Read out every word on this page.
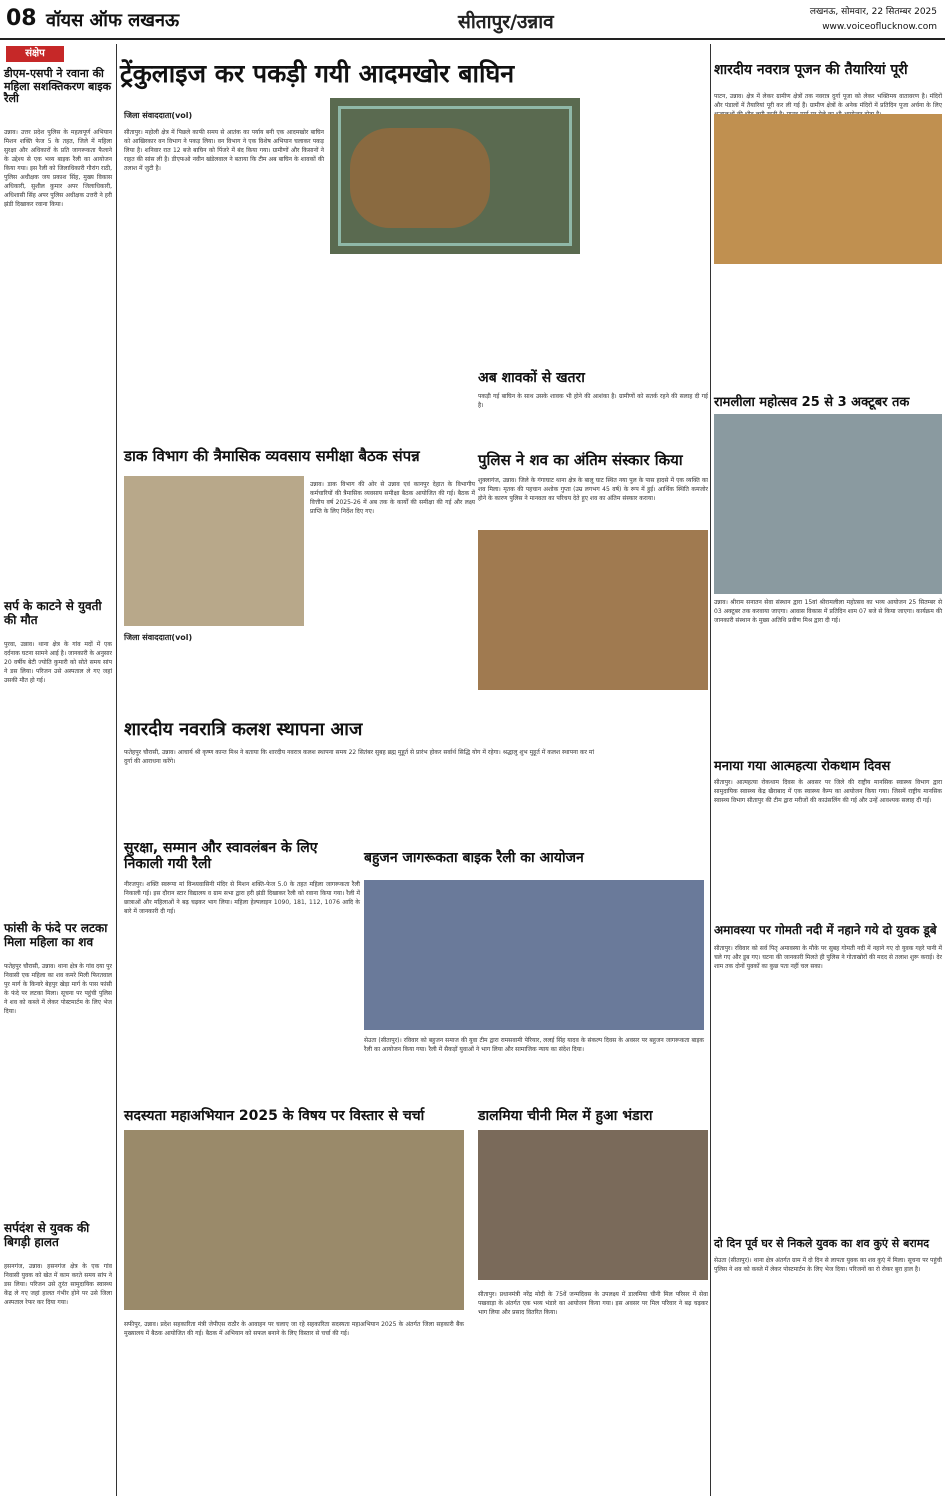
08 वॉयस ऑफ लखनऊ	सीतापुर/उन्नाव	लखनऊ, सोमवार, 22 सितम्बर 2025
www.voiceoflucknow.com
संक्षेप
डीएम-एसपी ने रवाना की महिला सशक्तिकरण बाइक रैली
उन्नाव। उत्तर प्रदेश पुलिस के महत्वपूर्ण अभियान मिशन शक्ति फेज 5 के तहत, जिले में महिला सुरक्षा और अधिकारों के प्रति जागरूकता फैलाने के उद्देश्य से एक भव्य बाइक रैली का आयोजन किया गया। इस रैली को जिलाधिकारी गौरांग राठी, पुलिस अधीक्षक जय प्रकाश सिंह, मुख्य विकास अधिकारी, सुशील कुमार अपर जिलाधिकारी, अधिशासी सिंह अपर पुलिस अधीक्षक उत्तरी ने हरी झंडी दिखाकर रवाना किया।
सर्प के काटने से युवती की मौत
पुरवा, उन्नाव। थाना क्षेत्र के गांव मदों में एक दर्दनाक घटना सामने आई है। जानकारी के अनुसार 20 वर्षीय बेटी ज्योति कुमारी को सोते समय सांप ने डस लिया। परिजन उसे अस्पताल ले गए जहां उसकी मौत हो गई।
फांसी के फंदे पर लटका मिला महिला का शव
फतेहपुर चौरासी, उन्नाव। थाना क्षेत्र के गांव दया पुर निवासी एक महिला का शव कमरे मिली फिरतवाल पुर मार्ग के किनारे बेहपुर खेड़ा मार्ग के पास फांसी के फंदे पर लटका मिला। सूचना पर पहुंची पुलिस ने शव को कब्जे में लेकर पोस्टमार्टम के लिए भेज दिया।
सर्पदंश से युवक की बिगड़ी हालत
हसनगंज, उन्नाव। हसनगंज क्षेत्र के एक गांव निवासी युवक को खेत में काम करते समय सांप ने डस लिया। परिजन उसे तुरंत सामुदायिक स्वास्थ्य केंद्र ले गए जहां हालत गंभीर होने पर उसे जिला अस्पताल रेफर कर दिया गया।
ट्रेंकुलाइज कर पकड़ी गयी आदमखोर बाघिन
जिला संवाददाता(vol)
सीतापुर। महोली क्षेत्र में पिछले काफी समय से आतंक का पर्याय बनी एक आदमखोर बाघिन को आखिरकार वन विभाग ने पकड़ लिया। वन विभाग ने एक विशेष अभियान चलाकर पकड़ लिया है। शनिवार रात 12 बजे बाघिन को पिंजरे में बंद किया गया। ग्रामीणों और किसानों ने राहत की सांस ली है। डीएफओ नवीन खंडेलवाल ने बताया कि टीम अब बाघिन के शावकों की तलाश में जुटी है।
अब शावकों से खतरा
पकड़ी गई बाघिन के साथ उसके शावक भी होने की आशंका है। ग्रामीणों को सतर्क रहने की सलाह दी गई है।
डाक विभाग की त्रैमासिक व्यवसाय समीक्षा बैठक संपन्न
जिला संवाददाता(vol)
उन्नाव। डाक विभाग की ओर से उन्नाव एवं कानपुर देहात के विभागीय कर्मचारियों की त्रैमासिक व्यवसाय समीक्षा बैठक आयोजित की गई। बैठक में वित्तीय वर्ष 2025-26 में अब तक के कार्यों की समीक्षा की गई और लक्ष्य प्राप्ति के लिए निर्देश दिए गए।
पुलिस ने शव का अंतिम संस्कार किया
शुक्लागंज, उन्नाव। जिले के गंगाघाट थाना क्षेत्र के बालू घाट स्थित नया पुल के पास हादसे में एक व्यक्ति का शव मिला। मृतक की पहचान अशोक गुप्ता (उम्र लगभग 45 वर्ष) के रूप में हुई। आर्थिक स्थिति कमजोर होने के कारण पुलिस ने मानवता का परिचय देते हुए शव का अंतिम संस्कार कराया।
शारदीय नवरात्रि कलश स्थापना आज
फतेहपुर चौरासी, उन्नाव। आचार्य श्री कृष्ण कान्त मिश्र ने बताया कि शारदीय नवरात्र कलश स्थापना समय 22 सितंबर सुबह ब्रह्म मुहूर्त से प्रारंभ होकर सर्वार्थ सिद्धि योग में रहेगा। श्रद्धालु शुभ मुहूर्त में कलश स्थापना कर मां दुर्गा की आराधना करेंगे।
सुरक्षा, सम्मान और स्वावलंबन के लिए निकाली गयी रैली
नीरजपुर। शक्ति स्वरूपा मां विन्ध्यवासिनी मंदिर से मिशन शक्ति-फेज 5.0 के तहत महिला जागरूकता रैली निकाली गई। इस दौरान स्टार विद्यालय व ग्राम सभा द्वारा हरी झंडी दिखाकर रैली को रवाना किया गया। रैली में छात्राओं और महिलाओं ने बढ़ चढ़कर भाग लिया। महिला हेल्पलाइन 1090, 181, 112, 1076 आदि के बारे में जानकारी दी गई।
बहुजन जागरूकता बाइक रैली का आयोजन
सेउता (सीतापुर)। रविवार को बहुजन समाज की युवा टीम द्वारा रामसवामी पेरियार, ललई सिंह यादव के संकल्प दिवस के अवसर पर बहुजन जागरूकता बाइक रैली का आयोजन किया गया। रैली में सैकड़ों युवाओं ने भाग लिया और सामाजिक न्याय का संदेश दिया।
सदस्यता महाअभियान 2025 के विषय पर विस्तार से चर्चा
सफीपुर, उन्नाव। प्रदेश सहकारिता मंत्री जेपीएस राठौर के आवाहन पर चलाए जा रहे सहकारिता सदस्यता महाअभियान 2025 के अंतर्गत जिला सहकारी बैंक मुख्यालय में बैठक आयोजित की गई। बैठक में अभियान को सफल बनाने के लिए विस्तार से चर्चा की गई।
डालमिया चीनी मिल में हुआ भंडारा
सीतापुर। प्रधानमंत्री नरेंद्र मोदी के 75वें जन्मदिवस के उपलक्ष्य में डालमिया चीनी मिल परिसर में सेवा पखवाड़ा के अंतर्गत एक भव्य भंडारे का आयोजन किया गया। इस अवसर पर मिल परिवार ने बढ़ चढ़कर भाग लिया और प्रसाद वितरित किया।
शारदीय नवरात्र पूजन की तैयारियां पूरी
पाटन, उन्नाव। क्षेत्र में लेकर ग्रामीण क्षेत्रों तक नवरात्र दुर्गा पूजा को लेकर भक्तिमय वातावरण है। मंदिरों और पंडालों में तैयारियां पूरी कर ली गई हैं। ग्रामीण क्षेत्रों के अनेक मंदिरों में प्रतिदिन पूजा अर्चना के लिए
रामलीला महोत्सव 25 से 3 अक्टूबर तक
उन्नाव। श्रीराम सनातन सेवा संस्थान द्वारा 15वां श्रीरामलीला महोत्सव का भव्य आयोजन 25 सितम्बर से 03 अक्टूबर तक करवाया जाएगा। आवास विकास में प्रतिदिन शाम 07 बजे से किया जाएगा। कार्यक्रम की जानकारी संस्थान के मुख्य अतिथि प्रवीण मिश्र द्वारा दी गई।
मनाया गया आत्महत्या रोकथाम दिवस
सीतापुर। आत्महत्या रोकथाम दिवस के अवसर पर जिले की राष्ट्रीय मानसिक स्वास्थ्य विभाग द्वारा सामुदायिक स्वास्थ्य केंद्र खैराबाद में एक स्वास्थ्य कैम्प का आयोजन किया गया। जिसमें राष्ट्रीय मानसिक स्वास्थ्य विभाग सीतापुर की टीम द्वारा मरीजों की काउंसलिंग की गई और उन्हें आवश्यक सलाह दी गई।
अमावस्या पर गोमती नदी में नहाने गये दो युवक डूबे
सीतापुर। रविवार को सर्व पितृ अमावस्या के मौके पर सुबह गोमती नदी में नहाने गए दो युवक गहरे पानी में चले गए और डूब गए। घटना की जानकारी मिलते ही पुलिस ने गोताखोरों की मदद से तलाश शुरू कराई। देर शाम तक दोनों युवकों का कुछ पता नहीं चल सका।
दो दिन पूर्व घर से निकले युवक का शव कुएं से बरामद
सेउता (सीतापुर)। थाना क्षेत्र अंतर्गत ग्राम में दो दिन से लापता युवक का शव कुएं में मिला। सूचना पर पहुंची पुलिस ने शव को कब्जे में लेकर पोस्टमार्टम के लिए भेज दिया। परिजनों का रो रोकर बुरा हाल है।
